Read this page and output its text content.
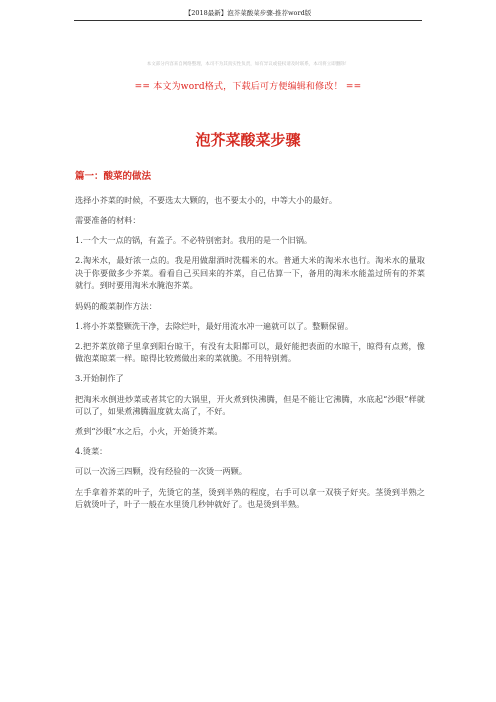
【2018最新】泡芥菜酸菜步骤-推荐word版
本文部分内容来自网络整理，本司不为其真实性负责，如有异议或侵权请及时联系，本司将立即删除！
== 本文为word格式，下载后可方便编辑和修改！ ==
泡芥菜酸菜步骤
篇一：酸菜的做法

选择小芥菜的时候，不要选太大颗的，也不要太小的，中等大小的最好。

需要准备的材料：

1.一个大一点的锅，有盖子。不必特别密封。我用的是一个旧锅。

2.淘米水，最好浓一点的。我是用做甜酒时洗糯米的水。普通大米的淘米水也行。淘米水的量取决于你要做多少芥菜。看看自己买回来的芥菜，自己估算一下，备用的淘米水能盖过所有的芥菜就行。到时要用淘米水腌泡芥菜。

妈妈的酸菜制作方法：

1.将小芥菜整颗洗干净，去除烂叶，最好用流水冲一遍就可以了。整颗保留。

2.把芥菜放筛子里拿到阳台晾干，有没有太阳都可以，最好能把表面的水晾干，晾得有点蔫，像做泡菜晾菜一样。晾得比较蔫做出来的菜就脆。不用特别蔫。

3.开始制作了

把淘米水倒进炒菜或者其它的大锅里，开火煮到快沸腾，但是不能让它沸腾，水底起“沙眼”样就可以了，如果煮沸腾温度就太高了，不好。

煮到“沙眼”水之后，小火，开始烫芥菜。

4.烫菜：

可以一次汤三四颗，没有经验的一次烫一两颗。

左手拿着芥菜的叶子，先烫它的茎，烫到半熟的程度，右手可以拿一双筷子好夹。茎烫到半熟之后就烫叶子，叶子一般在水里烫几秒钟就好了。也是烫到半熟。
